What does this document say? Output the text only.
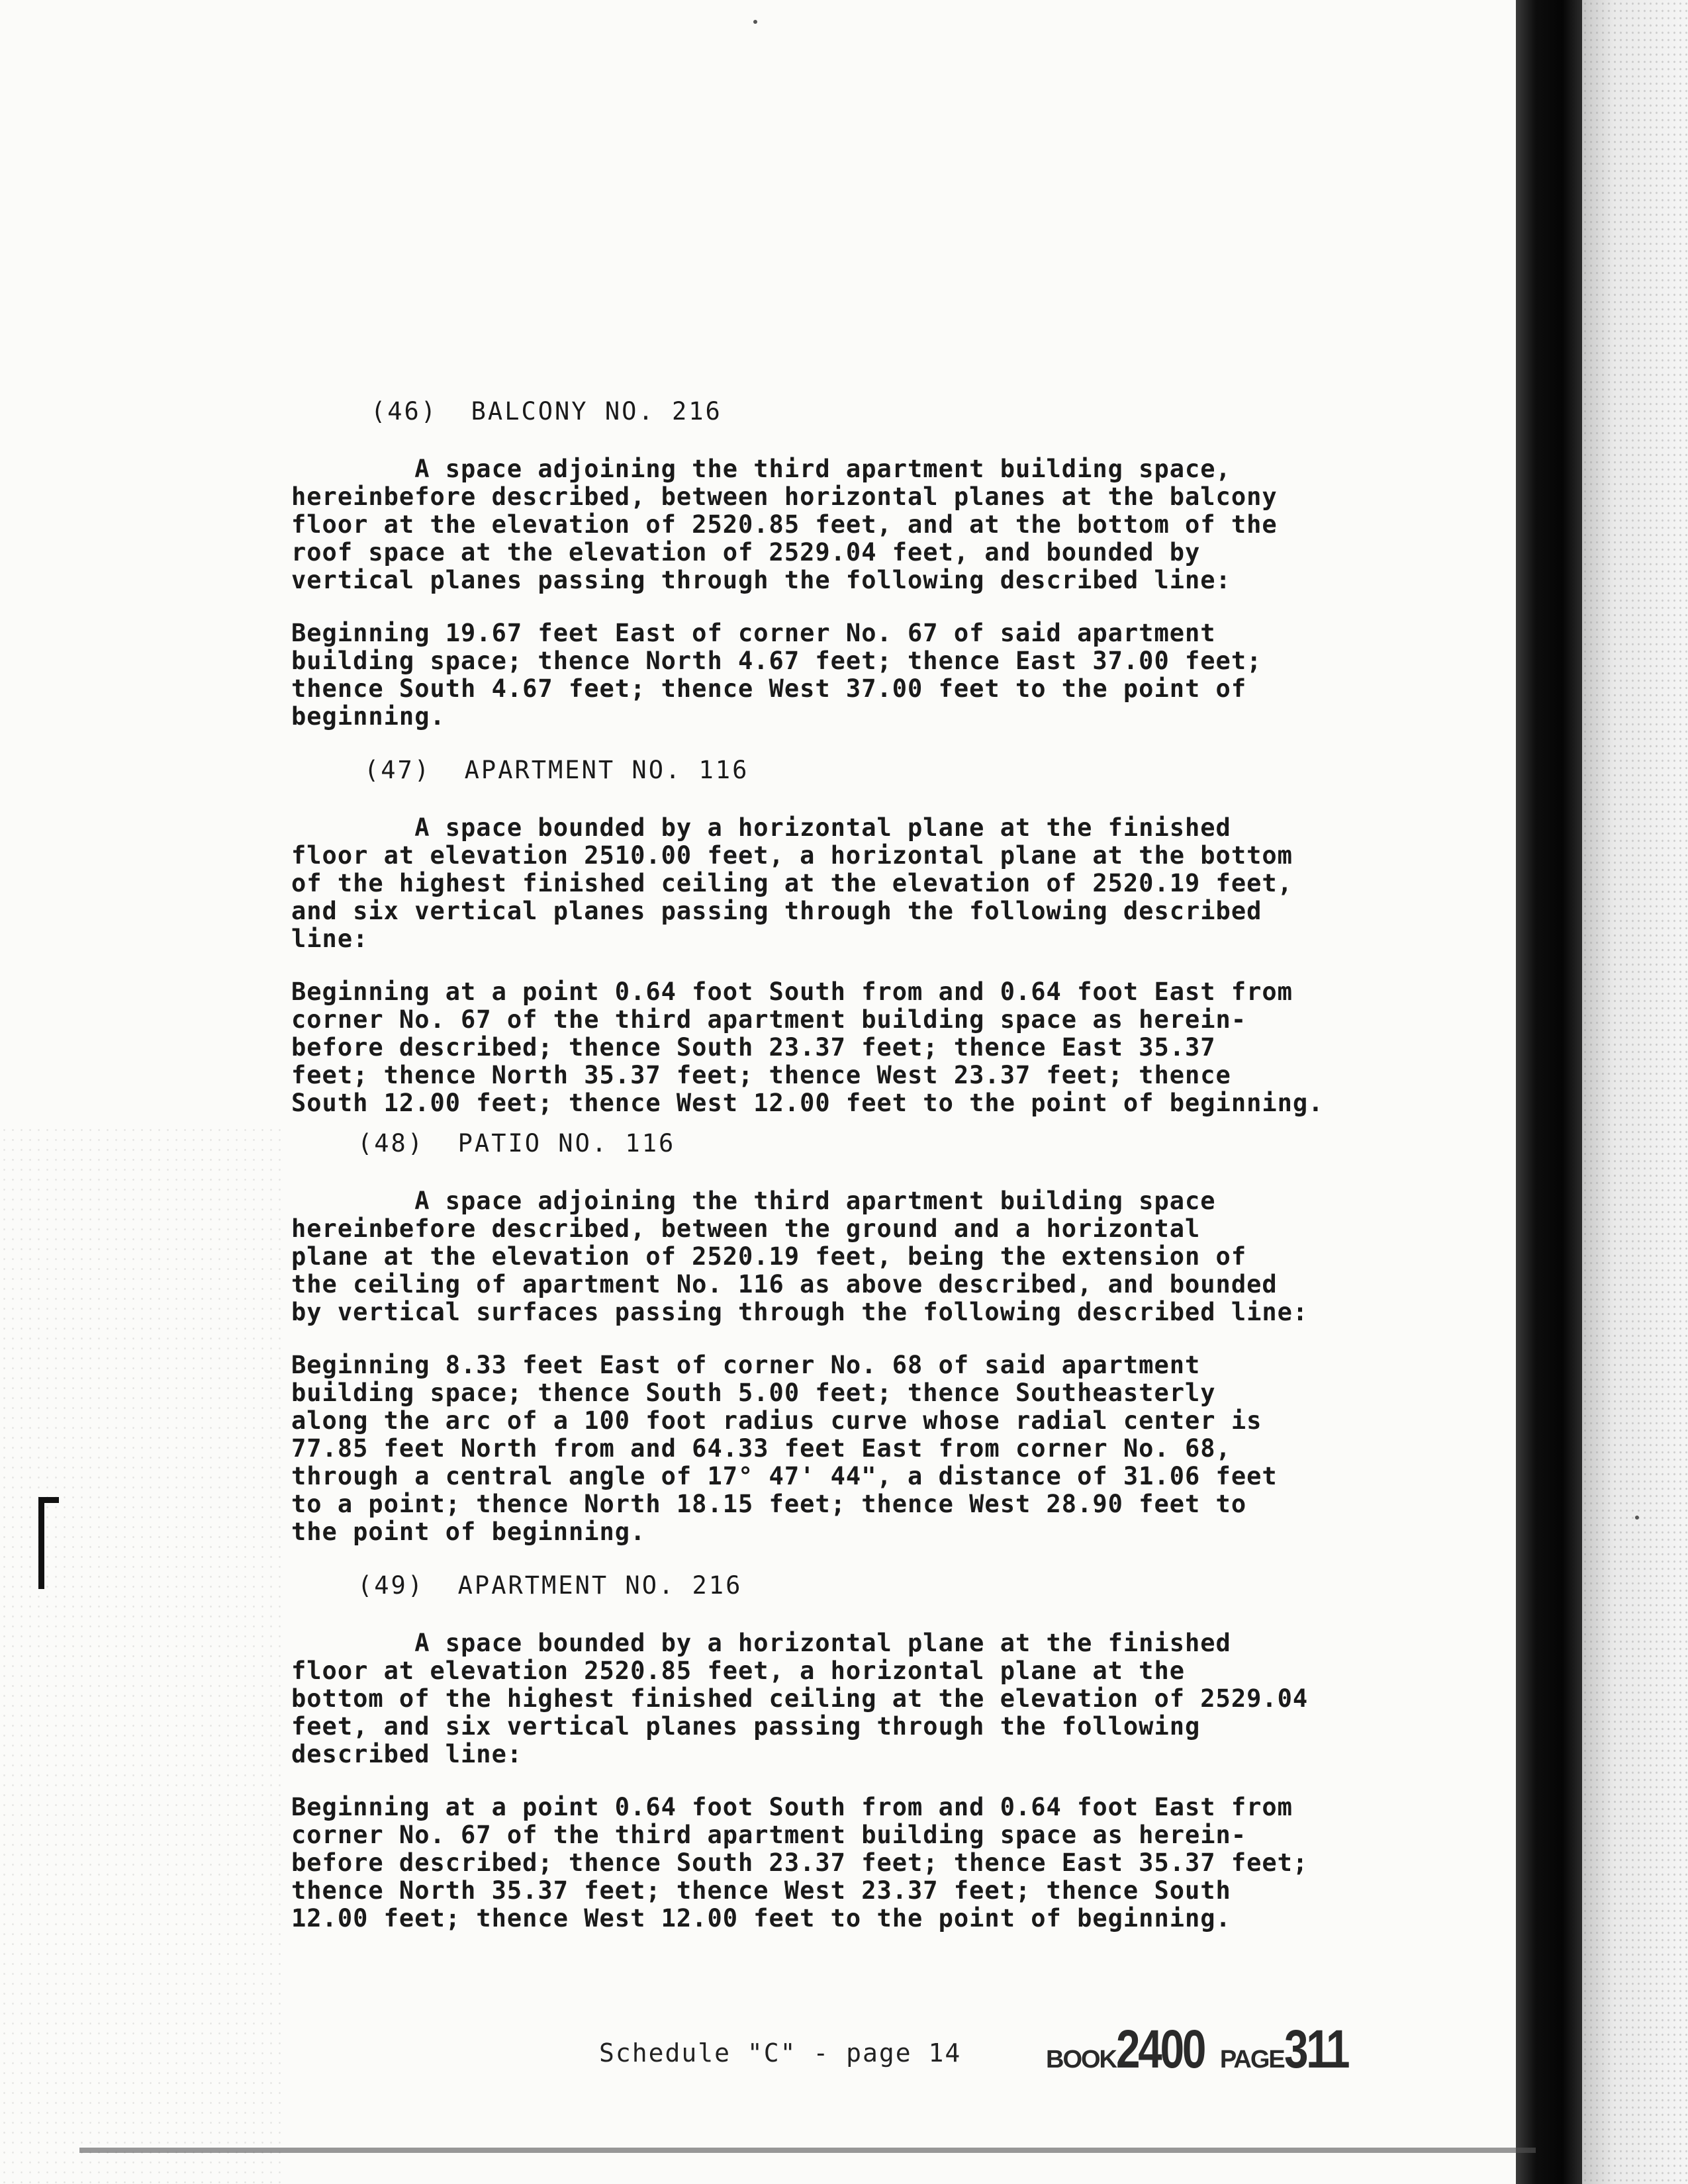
(46)  BALCONY NO. 216

A space adjoining the third apartment building space,

hereinbefore described, between horizontal planes at the balcony

floor at the elevation of 2520.85 feet, and at the bottom of the

roof space at the elevation of 2529.04 feet, and bounded by

vertical planes passing through the following described line:

Beginning 19.67 feet East of corner No. 67 of said apartment

building space; thence North 4.67 feet; thence East 37.00 feet;

thence South 4.67 feet; thence West 37.00 feet to the point of

beginning.

(47)  APARTMENT NO. 116

A space bounded by a horizontal plane at the finished

floor at elevation 2510.00 feet, a horizontal plane at the bottom

of the highest finished ceiling at the elevation of 2520.19 feet,

and six vertical planes passing through the following described

line:

Beginning at a point 0.64 foot South from and 0.64 foot East from

corner No. 67 of the third apartment building space as herein-

before described; thence South 23.37 feet; thence East 35.37

feet; thence North 35.37 feet; thence West 23.37 feet; thence

South 12.00 feet; thence West 12.00 feet to the point of beginning.

(48)  PATIO NO. 116

A space adjoining the third apartment building space

hereinbefore described, between the ground and a horizontal

plane at the elevation of 2520.19 feet, being the extension of

the ceiling of apartment No. 116 as above described, and bounded

by vertical surfaces passing through the following described line:

Beginning 8.33 feet East of corner No. 68 of said apartment

building space; thence South 5.00 feet; thence Southeasterly

along the arc of a 100 foot radius curve whose radial center is

77.85 feet North from and 64.33 feet East from corner No. 68,

through a central angle of 17° 47' 44", a distance of 31.06 feet

to a point; thence North 18.15 feet; thence West 28.90 feet to

the point of beginning.

(49)  APARTMENT NO. 216

A space bounded by a horizontal plane at the finished

floor at elevation 2520.85 feet, a horizontal plane at the

bottom of the highest finished ceiling at the elevation of 2529.04

feet, and six vertical planes passing through the following

described line:

Beginning at a point 0.64 foot South from and 0.64 foot East from

corner No. 67 of the third apartment building space as herein-

before described; thence South 23.37 feet; thence East 35.37 feet;

thence North 35.37 feet; thence West 23.37 feet; thence South

12.00 feet; thence West 12.00 feet to the point of beginning.

Schedule "C" - page 14	BOOK2400 PAGE311
